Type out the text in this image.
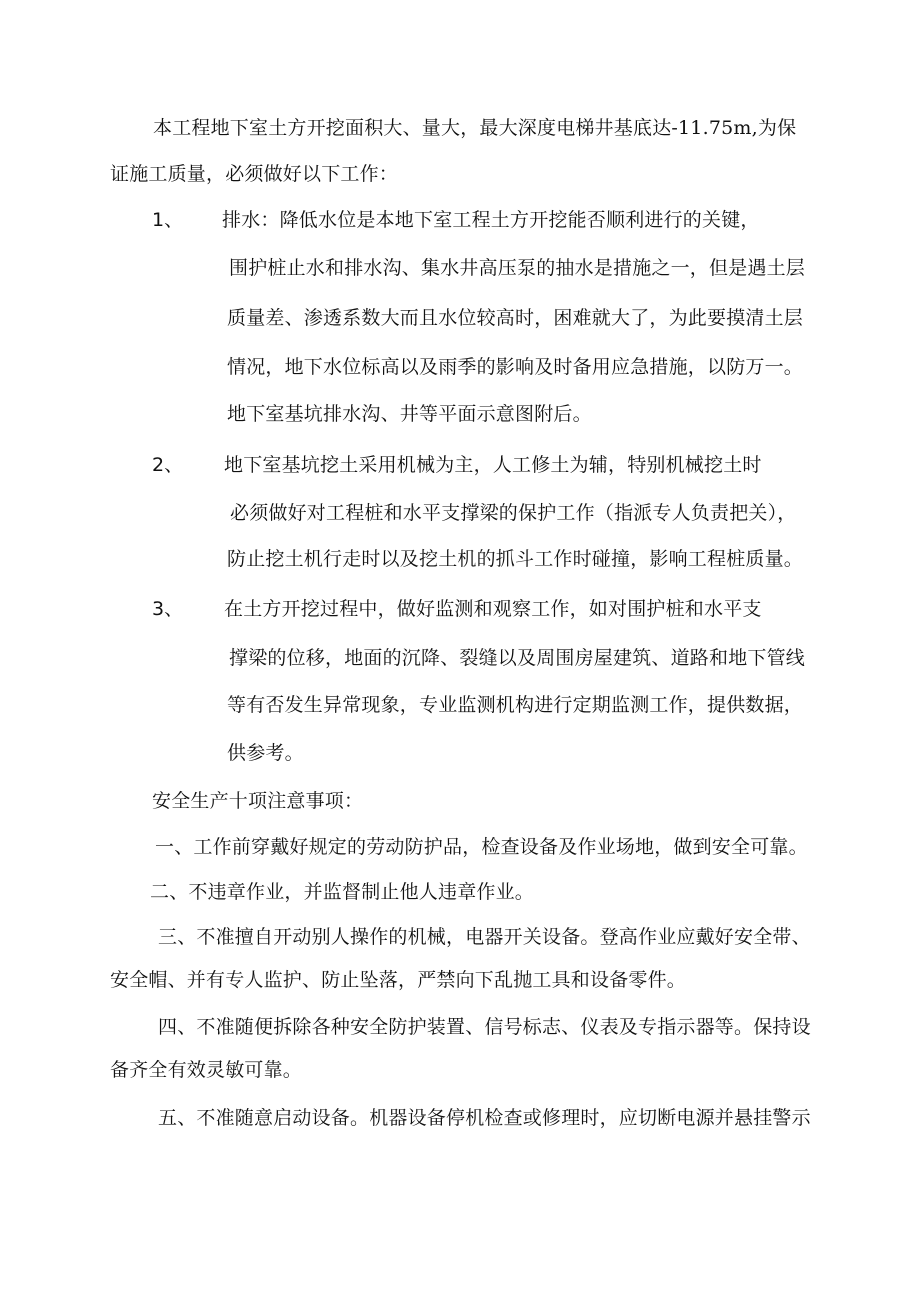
本工程地下室土方开挖面积大、量大，最大深度电梯井基底达-11.75m,为保
证施工质量，必须做好以下工作：
1、 排水：降低水位是本地下室工程土方开挖能否顺利进行的关键，
围护桩止水和排水沟、集水井高压泵的抽水是措施之一，但是遇土层
质量差、渗透系数大而且水位较高时，困难就大了，为此要摸清土层
情况，地下水位标高以及雨季的影响及时备用应急措施，以防万一。
地下室基坑排水沟、井等平面示意图附后。
2、 地下室基坑挖土采用机械为主，人工修土为辅，特别机械挖土时
必须做好对工程桩和水平支撑梁的保护工作（指派专人负责把关），
防止挖土机行走时以及挖土机的抓斗工作时碰撞，影响工程桩质量。
3、 在土方开挖过程中，做好监测和观察工作，如对围护桩和水平支
撑梁的位移，地面的沉降、裂缝以及周围房屋建筑、道路和地下管线
等有否发生异常现象，专业监测机构进行定期监测工作，提供数据，
供参考。
安全生产十项注意事项：
一、工作前穿戴好规定的劳动防护品，检查设备及作业场地，做到安全可靠。
二、不违章作业，并监督制止他人违章作业。
三、不准擅自开动别人操作的机械，电器开关设备。登高作业应戴好安全带、
安全帽、并有专人监护、防止坠落，严禁向下乱抛工具和设备零件。
四、不准随便拆除各种安全防护装置、信号标志、仪表及专指示器等。保持设
备齐全有效灵敏可靠。
五、不准随意启动设备。机器设备停机检查或修理时，应切断电源并悬挂警示
